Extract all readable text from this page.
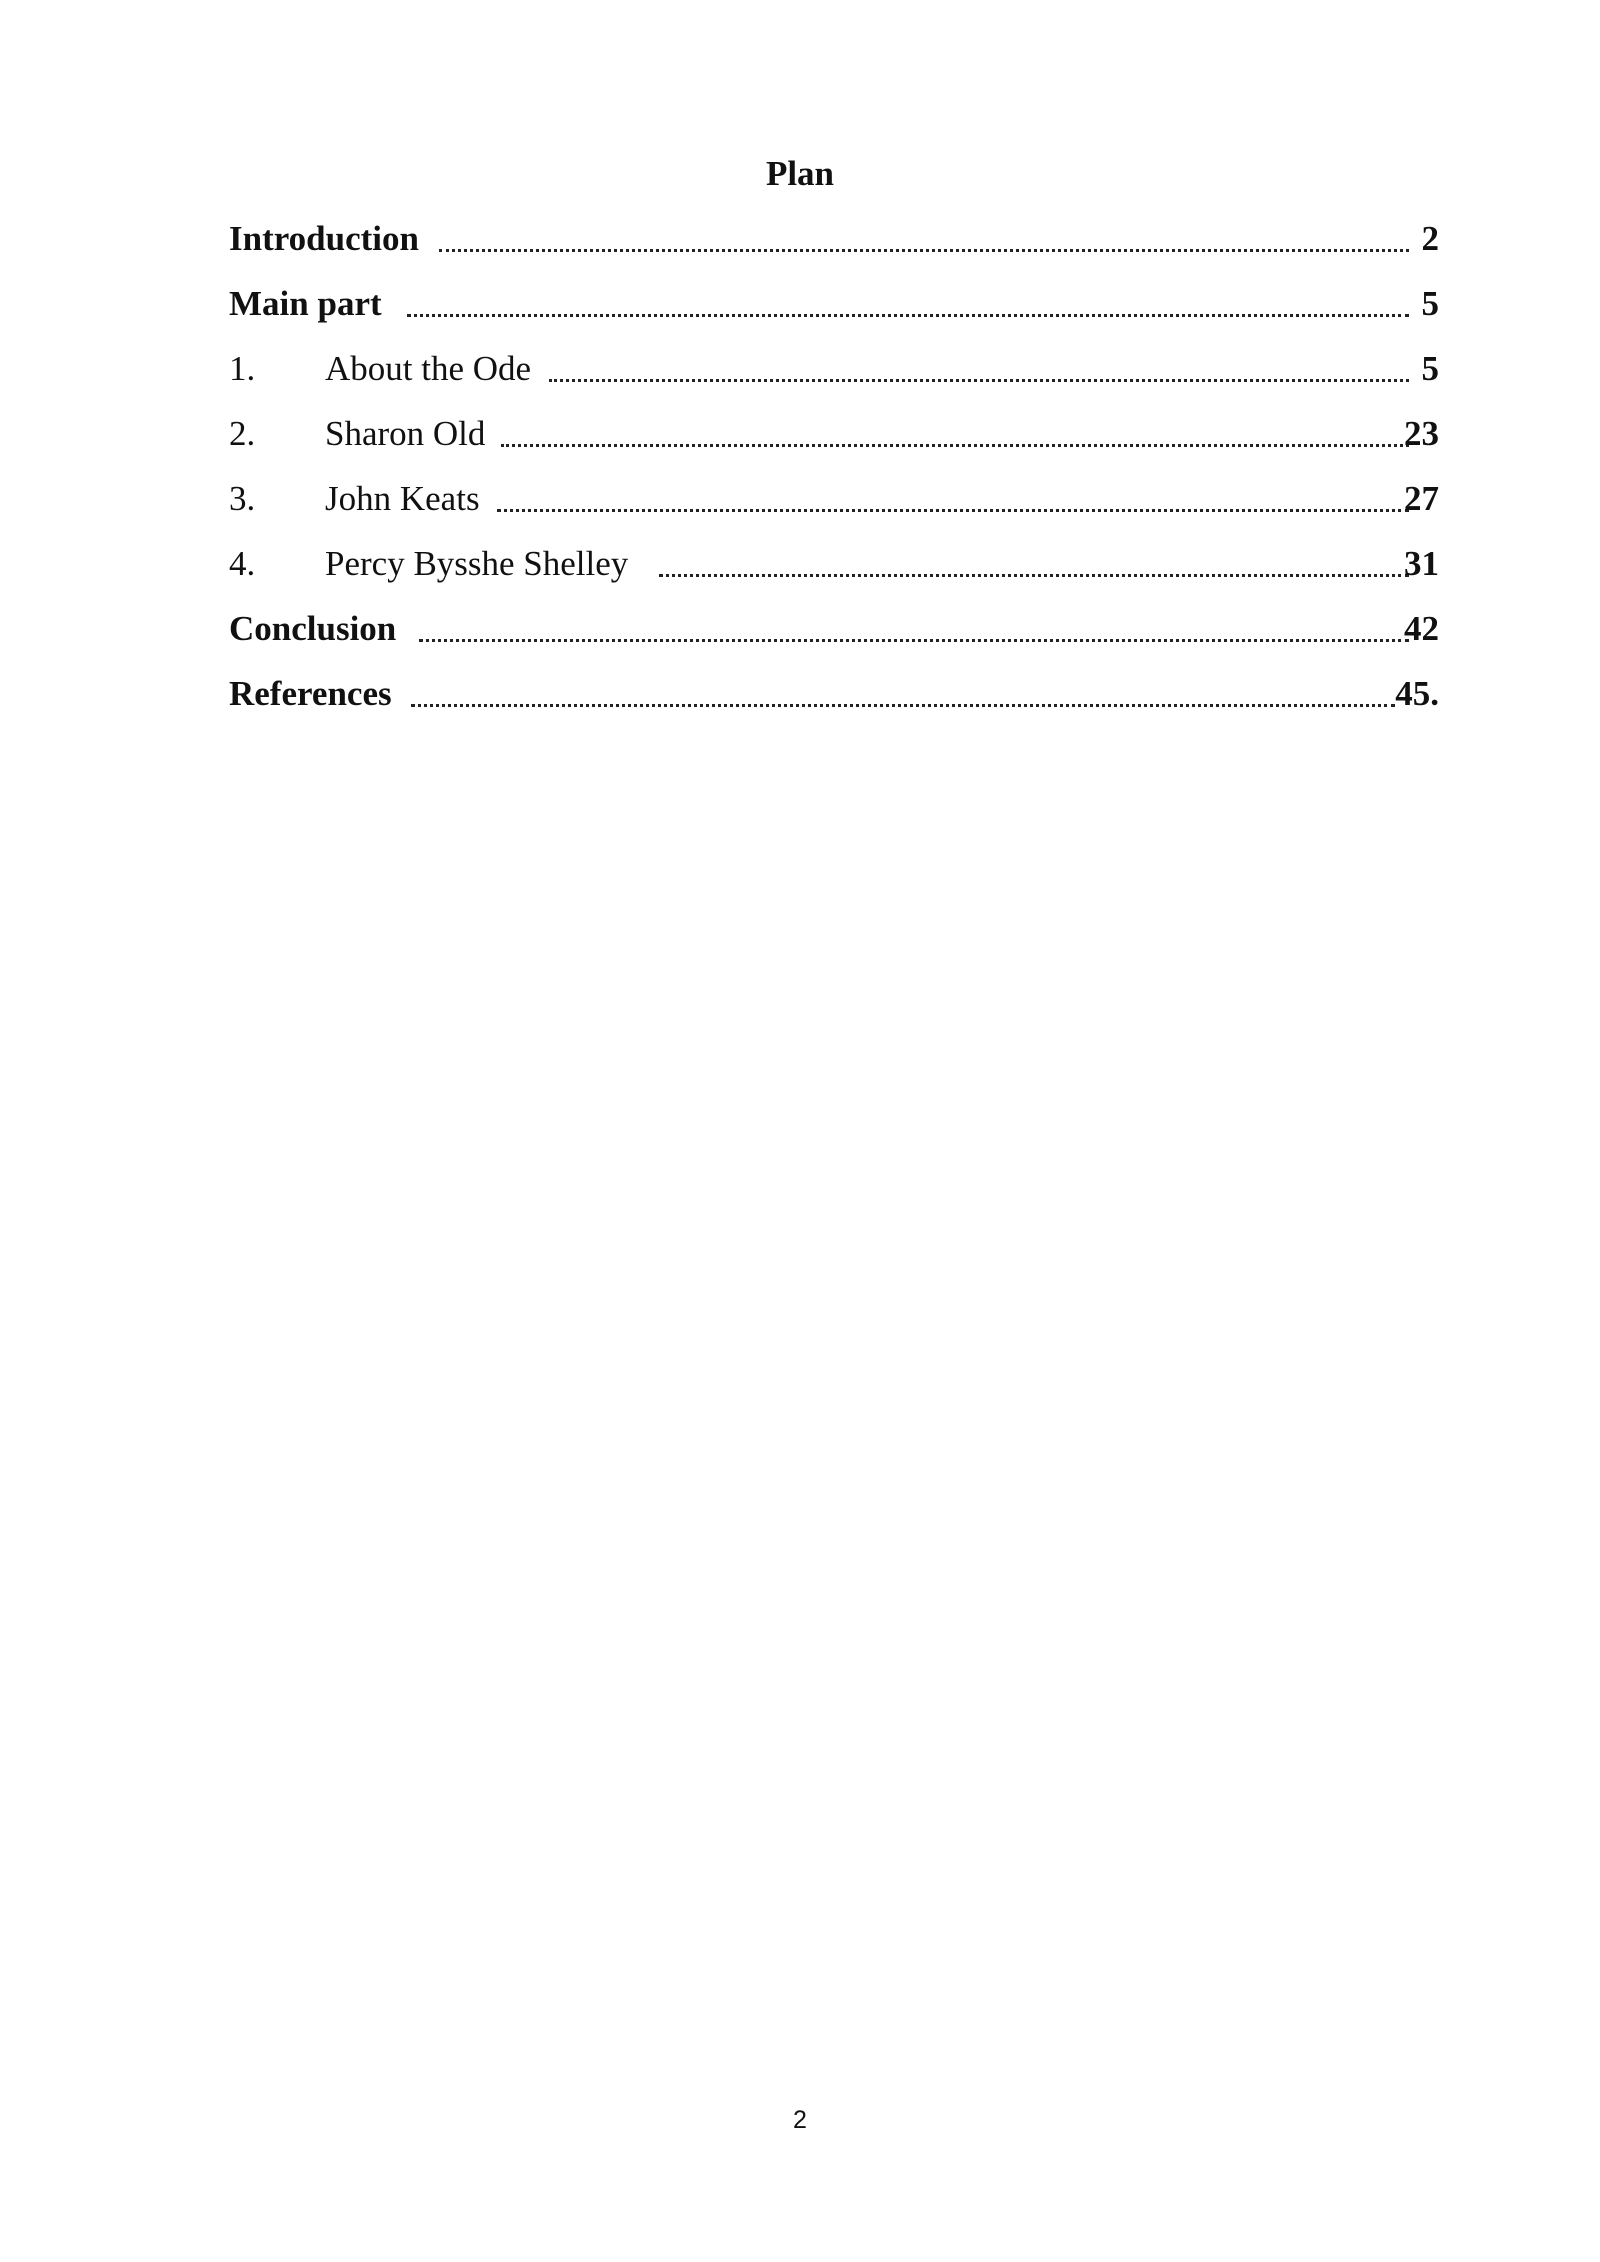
Plan
Introduction	2
Main part	5
1. About the Ode	5
2. Sharon Old	23
3. John Keats	27
4. Percy Bysshe Shelley	31
Conclusion	42
References	45.
2
